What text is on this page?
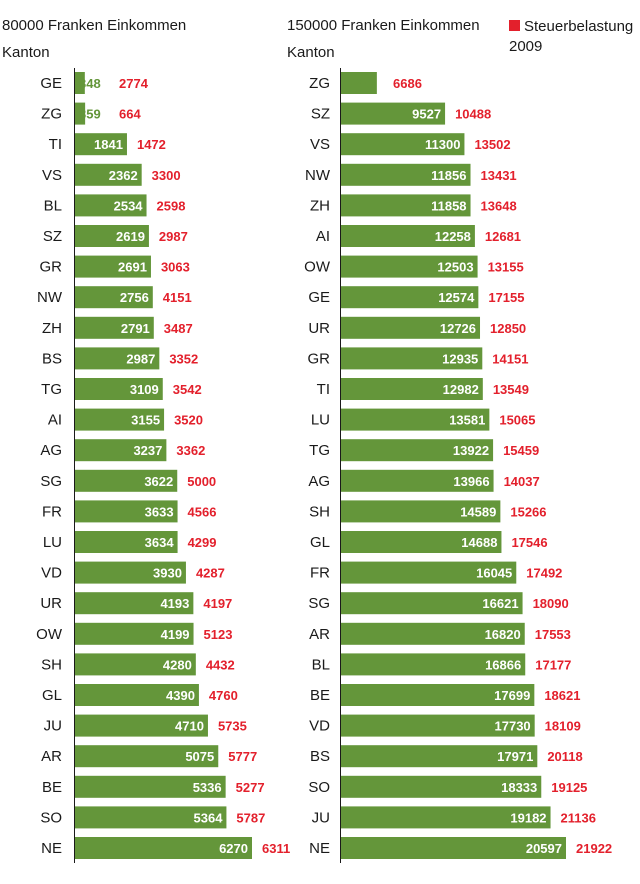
80000 Franken Einkommen
Kanton
150000 Franken Einkommen
Kanton
Steuerbelastung
2009
GE 348 2774
ZG 359 664
TI 1841 1472
VS	2362 3300
BL	2534 2598
SZ	2619 2987
GR	2691 3063
NW	2756 4151
ZH	2791 3487
BS	2987 3352
TG	3109 3542
AI	3155 3520
AG	3237 3362
SG	3622 5000
FR	3633 4566
LU	3634 4299
VD	3930 4287
UR	4193 4197
OW	4199 5123
SH	4280 4432
GL	4390 4760
JU	4710 5735
AR	5075 5777
BE	5336 5277
SO	5364 5787
NE	6270 6311
ZG 3283 6686
SZ	9527 10488
VS	11300 13502
NW	11856 13431
ZH	11858 13648
AI	12258 12681
OW	12503 13155
GE	12574 17155
UR	12726 12850
GR	12935 14151
TI	12982 13549
LU	13581 15065
TG	13922 15459
AG	13966 14037
SH	14589 15266
GL	14688 17546
FR	16045 17492
SG	16621 18090
AR	16820 17553
BL	16866 17177
BE	17699 18621
VD	17730 18109
BS	17971 20118
SO	18333 19125
JU	19182 21136
NE	20597 21922
